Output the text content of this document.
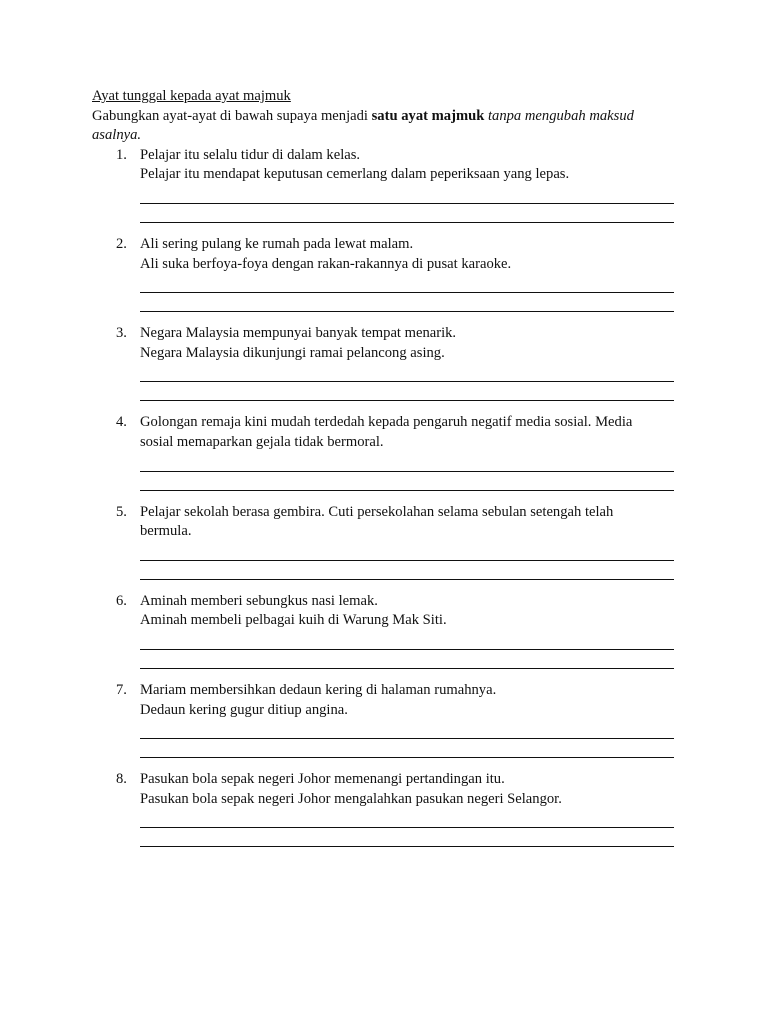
Ayat tunggal kepada ayat majmuk

Gabungkan ayat-ayat di bawah supaya menjadi satu ayat majmuk tanpa mengubah maksud asalnya.

1. Pelajar itu selalu tidur di dalam kelas.
Pelajar itu mendapat keputusan cemerlang dalam peperiksaan yang lepas.
2. Ali sering pulang ke rumah pada lewat malam.
Ali suka berfoya-foya dengan rakan-rakannya di pusat karaoke.
3. Negara Malaysia mempunyai banyak tempat menarik.
Negara Malaysia dikunjungi ramai pelancong asing.
4. Golongan remaja kini mudah terdedah kepada pengaruh negatif media sosial. Media
sosial memaparkan gejala tidak bermoral.
5. Pelajar sekolah berasa gembira. Cuti persekolahan selama sebulan setengah telah
bermula.
6. Aminah memberi sebungkus nasi lemak.
Aminah membeli pelbagai kuih di Warung Mak Siti.
7. Mariam membersihkan dedaun kering di halaman rumahnya.
Dedaun kering gugur ditiup angina.
8. Pasukan bola sepak negeri Johor memenangi pertandingan itu.
Pasukan bola sepak negeri Johor mengalahkan pasukan negeri Selangor.
